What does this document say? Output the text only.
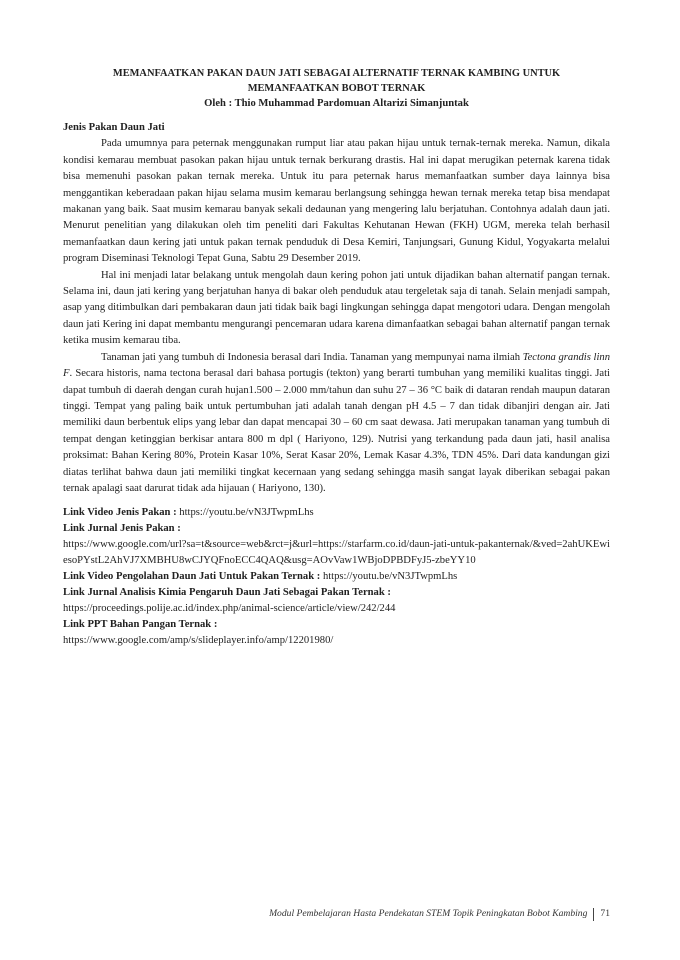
MEMANFAATKAN PAKAN DAUN JATI SEBAGAI ALTERNATIF TERNAK KAMBING UNTUK MEMANFAATKAN BOBOT TERNAK
Oleh : Thio Muhammad Pardomuan Altarizi Simanjuntak
Jenis Pakan Daun Jati

Pada umumnya para peternak menggunakan rumput liar atau pakan hijau untuk ternak-ternak mereka. Namun, dikala kondisi kemarau membuat pasokan pakan hijau untuk ternak berkurang drastis. Hal ini dapat merugikan peternak karena tidak bisa memenuhi pasokan pakan ternak mereka. Untuk itu para peternak harus memanfaatkan sumber daya lainnya bisa menggantikan keberadaan pakan hijau selama musim kemarau berlangsung sehingga hewan ternak mereka tetap bisa mendapat makanan yang baik. Saat musim kemarau banyak sekali dedaunan yang mengering lalu berjatuhan. Contohnya adalah daun jati. Menurut penelitian yang dilakukan oleh tim peneliti dari Fakultas Kehutanan Hewan (FKH) UGM, mereka telah berhasil memanfaatkan daun kering jati untuk pakan ternak penduduk di Desa Kemiri, Tanjungsari, Gunung Kidul, Yogyakarta melalui program Diseminasi Teknologi Tepat Guna, Sabtu 29 Desember 2019.

Hal ini menjadi latar belakang untuk mengolah daun kering pohon jati untuk dijadikan bahan alternatif pangan ternak. Selama ini, daun jati kering yang berjatuhan hanya di bakar oleh penduduk atau tergeletak saja di tanah. Selain menjadi sampah, asap yang ditimbulkan dari pembakaran daun jati tidak baik bagi lingkungan sehingga dapat mengotori udara. Dengan mengolah daun jati Kering ini dapat membantu mengurangi pencemaran udara karena dimanfaatkan sebagai bahan alternatif pangan ternak ketika musim kemarau tiba.

Tanaman jati yang tumbuh di Indonesia berasal dari India. Tanaman yang mempunyai nama ilmiah Tectona grandis linn F. Secara historis, nama tectona berasal dari bahasa portugis (tekton) yang berarti tumbuhan yang memiliki kualitas tinggi. Jati dapat tumbuh di daerah dengan curah hujan1.500 – 2.000 mm/tahun dan suhu 27 – 36 °C baik di dataran rendah maupun dataran tinggi. Tempat yang paling baik untuk pertumbuhan jati adalah tanah dengan pH 4.5 – 7 dan tidak dibanjiri dengan air. Jati memiliki daun berbentuk elips yang lebar dan dapat mencapai 30 – 60 cm saat dewasa. Jati merupakan tanaman yang tumbuh di tempat dengan ketinggian berkisar antara 800 m dpl ( Hariyono, 129). Nutrisi yang terkandung pada daun jati, hasil analisa proksimat: Bahan Kering 80%, Protein Kasar 10%, Serat Kasar 20%, Lemak Kasar 4.3%, TDN 45%. Dari data kandungan gizi diatas terlihat bahwa daun jati memiliki tingkat kecernaan yang sedang sehingga masih sangat layak diberikan sebagai pakan ternak apalagi saat darurat tidak ada hijauan ( Hariyono, 130).

Link Video Jenis Pakan : https://youtu.be/vN3JTwpmLhs
Link Jurnal Jenis Pakan :
https://www.google.com/url?sa=t&source=web&rct=j&url=https://starfarm.co.id/daun-jati-untuk-pakanternak/&ved=2ahUKEwiesoPYstL2AhVJ7XMBHU8wCJYQFnoECC4QAQ&usg=AOvVaw1WBjoDPBDFyJ5-zbeYY10
Link Video Pengolahan Daun Jati Untuk Pakan Ternak : https://youtu.be/vN3JTwpmLhs
Link Jurnal Analisis Kimia Pengaruh Daun Jati Sebagai Pakan Ternak :
https://proceedings.polije.ac.id/index.php/animal-science/article/view/242/244
Link PPT Bahan Pangan Ternak :
https://www.google.com/amp/s/slideplayer.info/amp/12201980/
Modul Pembelajaran Hasta Pendekatan STEM Topik Peningkatan Bobot Kambing 71
